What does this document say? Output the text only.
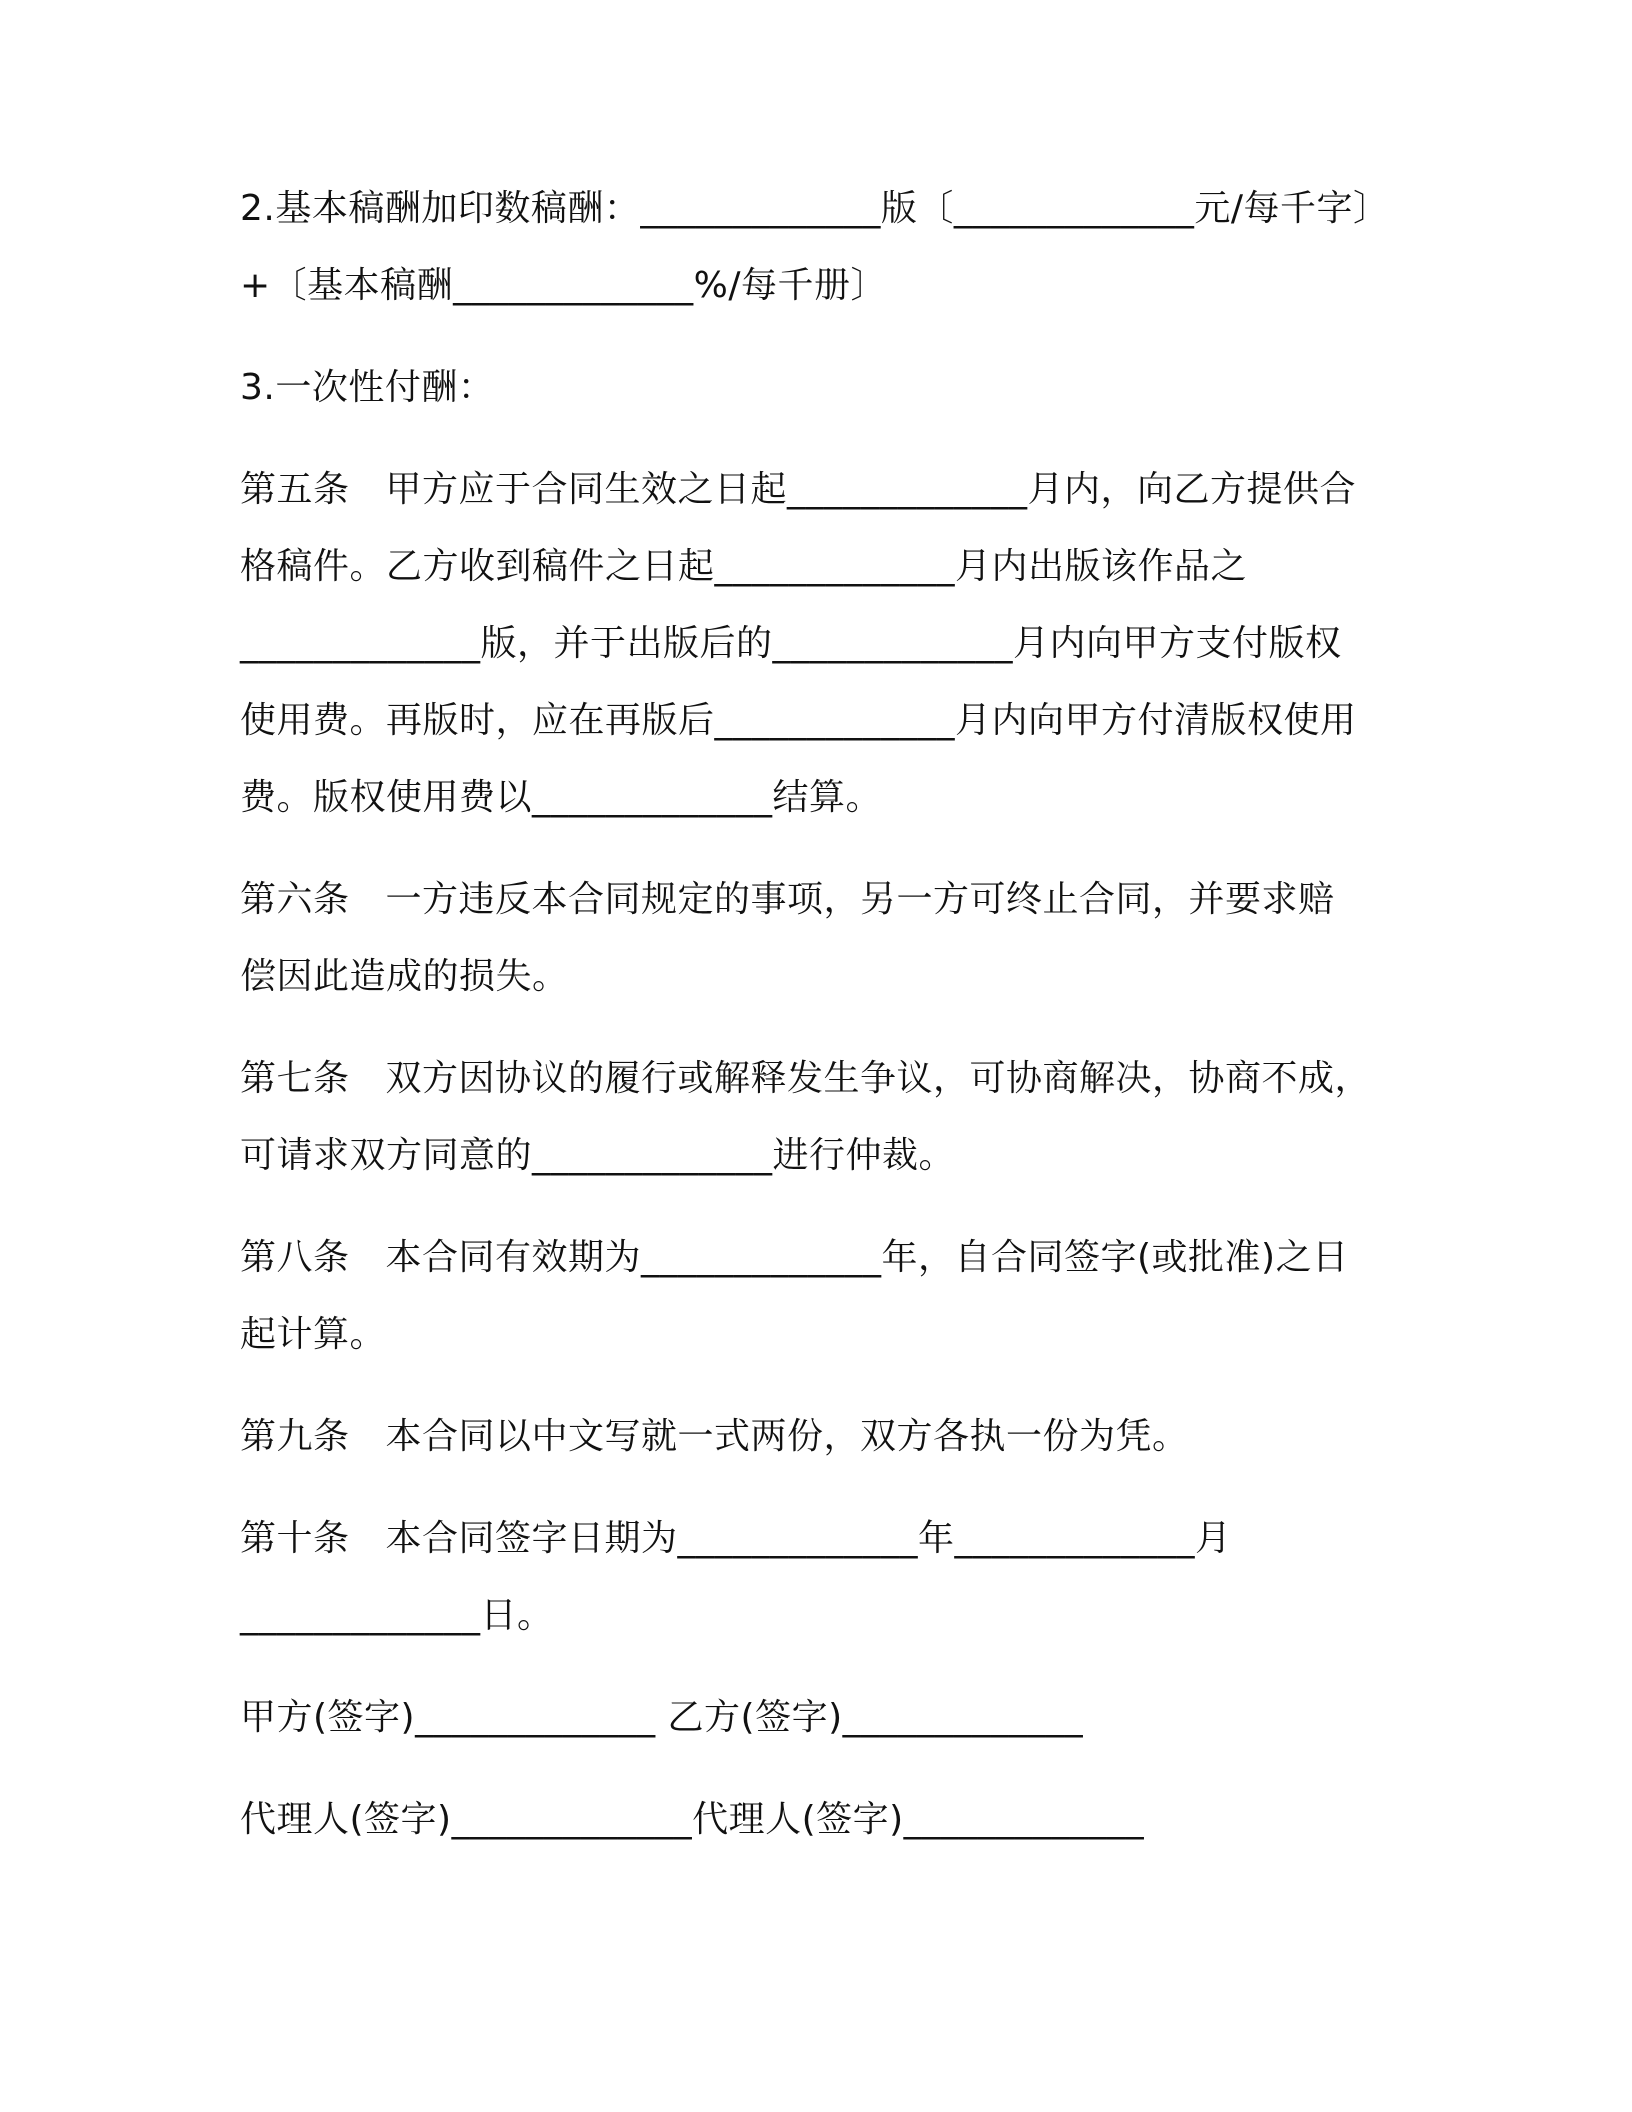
2.基本稿酬加印数稿酬：_____________版〔_____________元/每千字〕

+〔基本稿酬_____________%/每千册〕

3.一次性付酬：

第五条 甲方应于合同生效之日起_____________月内，向乙方提供合

格稿件。乙方收到稿件之日起_____________月内出版该作品之

_____________版，并于出版后的_____________月内向甲方支付版权

使用费。再版时，应在再版后_____________月内向甲方付清版权使用

费。版权使用费以_____________结算。

第六条 一方违反本合同规定的事项，另一方可终止合同，并要求赔

偿因此造成的损失。

第七条 双方因协议的履行或解释发生争议，可协商解决，协商不成，

可请求双方同意的_____________进行仲裁。

第八条 本合同有效期为_____________年，自合同签字(或批准)之日

起计算。

第九条 本合同以中文写就一式两份，双方各执一份为凭。

第十条 本合同签字日期为_____________年_____________月

_____________日。

甲方(签字)_____________ 乙方(签字)_____________

代理人(签字)_____________代理人(签字)_____________
